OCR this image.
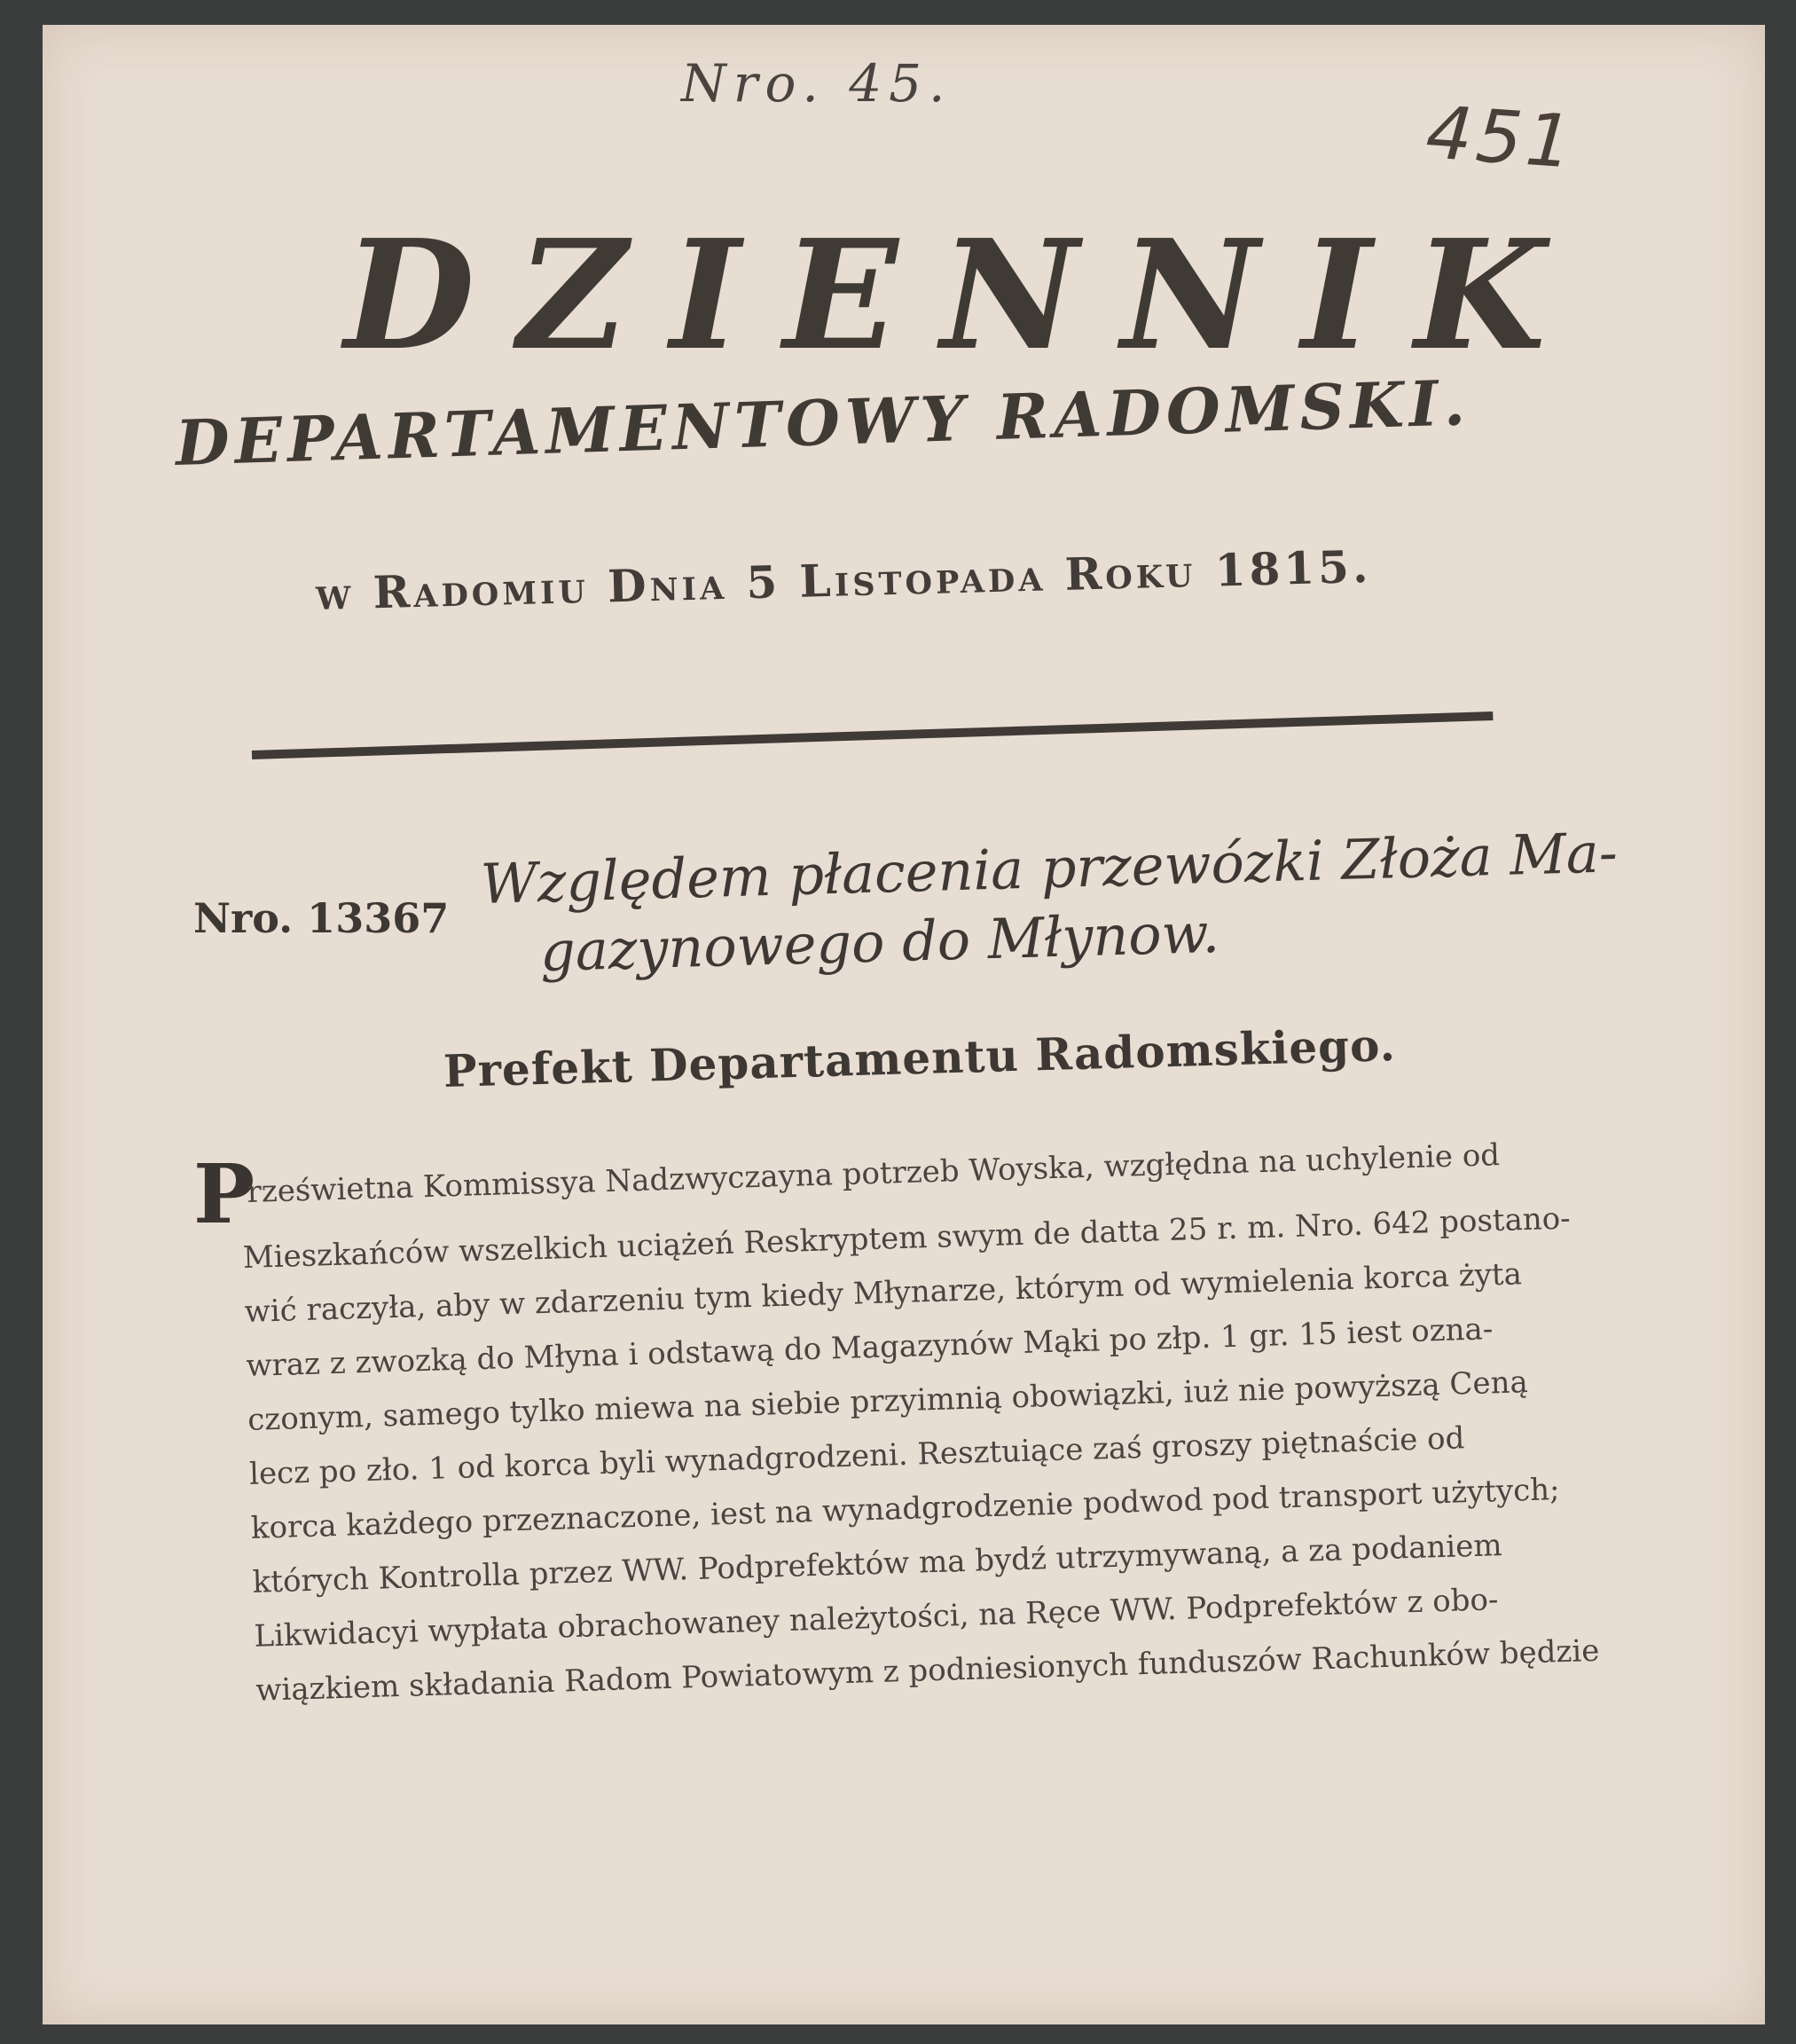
Nro. 45.
451
DZIENNIK
DEPARTAMENTOWY RADOMSKI.
w Radomiu Dnia 5 Listopada Roku 1815.
Nro. 13367
Względem płacenia przewózki Złoża Ma-
gazynowego do Młynow.
Prefekt Departamentu Radomskiego.
P
rześwietna Kommissya Nadzwyczayna potrzeb Woyska, wzgłędna na uchylenie od
Mieszkańców wszelkich uciążeń Reskryptem swym de datta 25 r. m. Nro. 642 postano-
wić raczyła, aby w zdarzeniu tym kiedy Młynarze, którym od wymielenia korca żyta
wraz z zwozką do Młyna i odstawą do Magazynów Mąki po złp. 1 gr. 15 iest ozna-
czonym, samego tylko miewa na siebie przyimnią obowiązki, iuż nie powyższą Ceną
lecz po zło. 1 od korca byli wynadgrodzeni. Resztuiące zaś groszy piętnaście od
korca każdego przeznaczone, iest na wynadgrodzenie podwod pod transport użytych;
których Kontrolla przez WW. Podprefektów ma bydź utrzymywaną, a za podaniem
Likwidacyi wypłata obrachowaney należytości, na Ręce WW. Podprefektów z obo-
wiązkiem składania Radom Powiatowym z podniesionych funduszów Rachunków będzie
